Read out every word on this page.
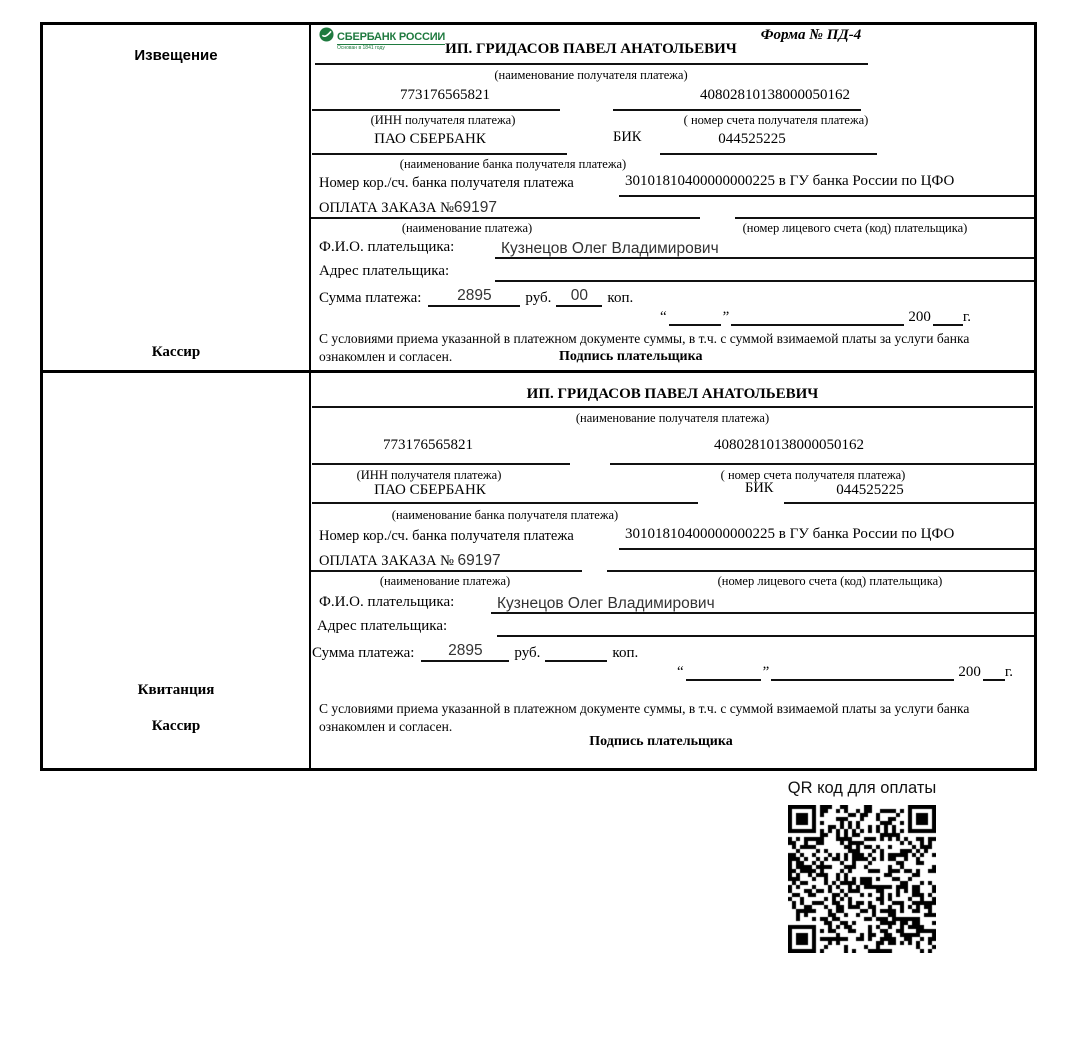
Извещение
Кассир
СБЕРБАНК РОССИИ
Основан в 1841 году
Форма № ПД-4
ИП. ГРИДАСОВ ПАВЕЛ АНАТОЛЬЕВИЧ
(наименование получателя платежа)
773176565821	40802810138000050162
(ИНН получателя платежа)	( номер счета получателя платежа)
ПАО СБЕРБАНК	БИК	044525225
(наименование банка получателя платежа)
Номер кор./сч. банка получателя платежа	30101810400000000225 в ГУ банка России по ЦФО
ОПЛАТА ЗАКАЗА №69197
(наименование платежа)	(номер лицевого счета (код) плательщика)
Ф.И.О. плательщика:	Кузнецов Олег Владимирович
Адрес плательщика:
Сумма платежа:	2895	руб.	00	коп.
“	”	200 г.
С условиями приема указанной в платежном документе суммы, в т.ч. с суммой взимаемой платы за услуги банка
ознакомлен и согласен.	Подпись плательщика
Квитанция
Кассир
ИП. ГРИДАСОВ ПАВЕЛ АНАТОЛЬЕВИЧ
(наименование получателя платежа)
773176565821	40802810138000050162
(ИНН получателя платежа)	( номер счета получателя платежа)
ПАО СБЕРБАНК	БИК	044525225
(наименование банка получателя платежа)
Номер кор./сч. банка получателя платежа	30101810400000000225 в ГУ банка России по ЦФО
ОПЛАТА ЗАКАЗА № 69197
(наименование платежа)	(номер лицевого счета (код) плательщика)
Ф.И.О. плательщика:	Кузнецов Олег Владимирович
Адрес плательщика:
Сумма платежа:	2895	руб.	коп.
“	”	200 г.
С условиями приема указанной в платежном документе суммы, в т.ч. с суммой взимаемой платы за услуги банка
ознакомлен и согласен.
Подпись плательщика
QR код для оплаты
